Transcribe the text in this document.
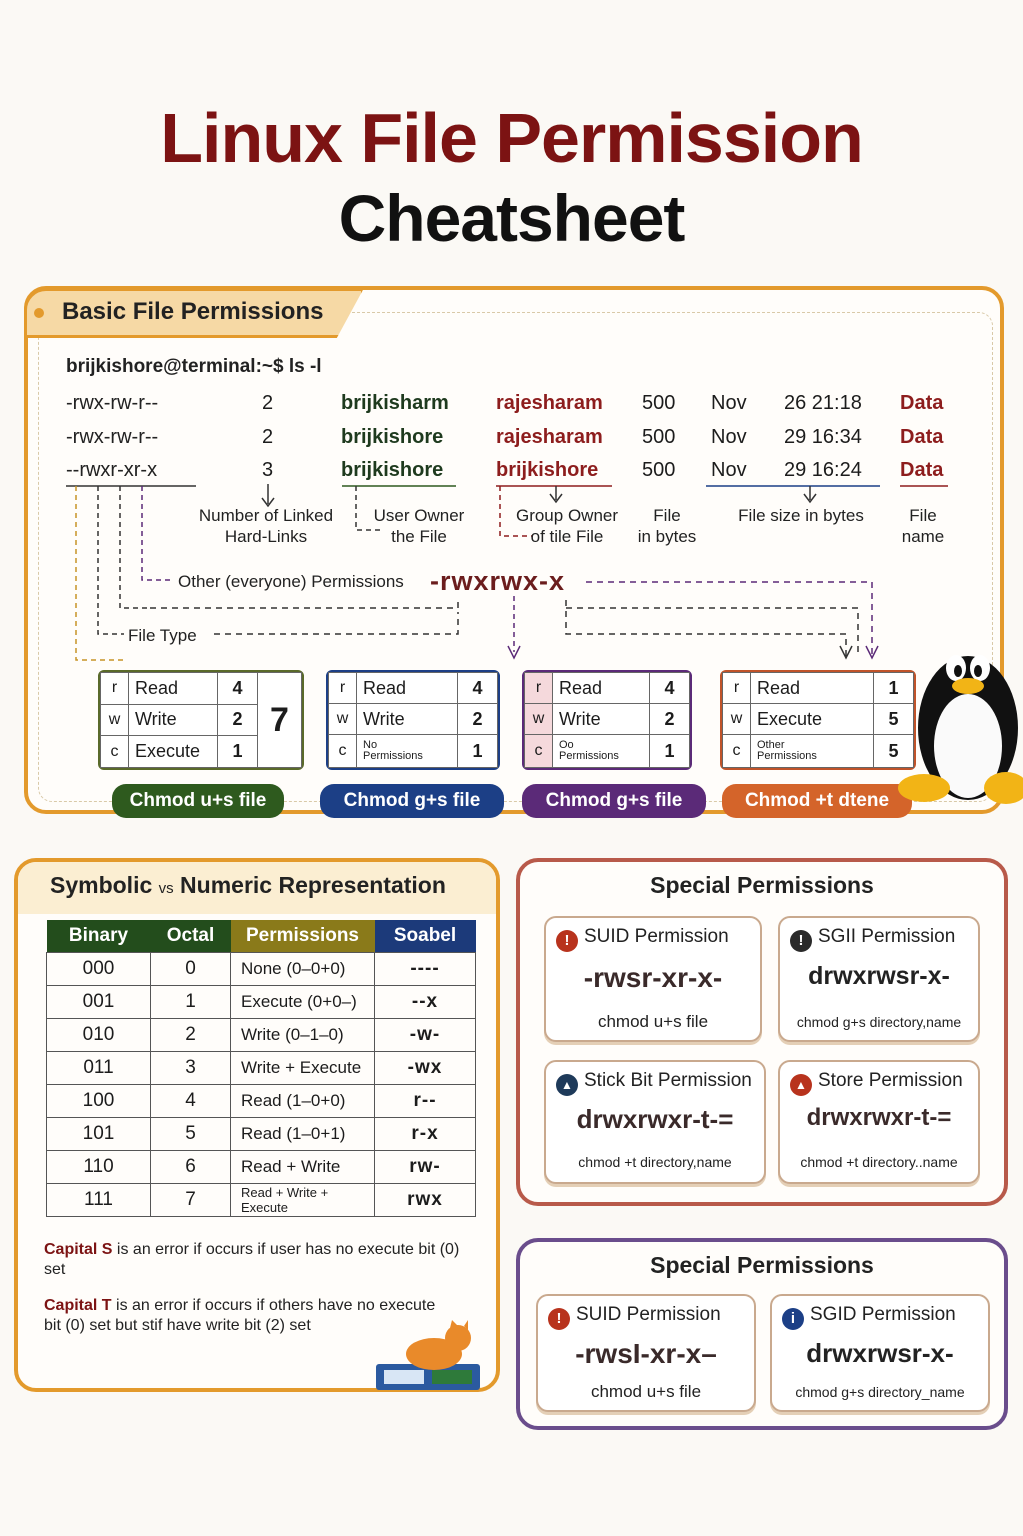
Linux File Permission
Cheatsheet
Basic File Permissions
brijkishore@terminal:~$ ls -l
-rwx-rw-r--	2	brijkisharm rajesharam 500 Nov 26 21:18 Data
-rwx-rw-r--	2	brijkishore	rajesharam 500 Nov 29 16:34 Data
--rwxr-xr-x	3	brijkishore	brijkishore 500 Nov 29 16:24 Data
Number of Linked
Hard-Links
User Owner
the File
Group Owner
of tile File
File
in bytes
File size in bytes	File
name
Other (everyone) Permissions
File Type
-rwxrwx-x
r	Read	4	7
w	Write	2	
c	Execute	1	
r	Read	4
w	Write	2
c	No
Permissions	1
r	Read	4
w	Write	2
c	Oo
Permissions	1
r	Read	1
w	Execute	5
c	Other
Permissions	5
Chmod u+s file	Chmod g+s file	Chmod g+s file	Chmod +t dtene
Symbolic vs Numeric Representation
Binary	Octal	Permissions	Soabel
000	0	None (0–0+0)	----
001	1	Execute (0+0–)	--x
010	2	Write (0–1–0)	-w-
011	3	Write + Execute	-wx
100	4	Read (1–0+0)	r--
101	5	Read (1–0+1)	r-x
110	6	Read + Write	rw-
111	7	Read + Write + Execute	rwx
Capital S is an error if occurs if user has no execute bit (0) set
Capital T is an error if occurs if others have no execute bit (0) set but stif have write bit (2) set
Special Permissions
! SUID Permission
-rwsr-xr-x-
chmod u+s file
! SGII Permission
drwxrwsr-x-
chmod g+s directory,name
▲ Stick Bit Permission
drwxrwxr-t-=
chmod +t directory,name
▲ Store Permission
drwxrwxr-t-=
chmod +t directory..name
Special Permissions
! SUID Permission
-rwsI-xr-x–
chmod u+s file
i SGID Permission
drwxrwsr-x-
chmod g+s directory_name
